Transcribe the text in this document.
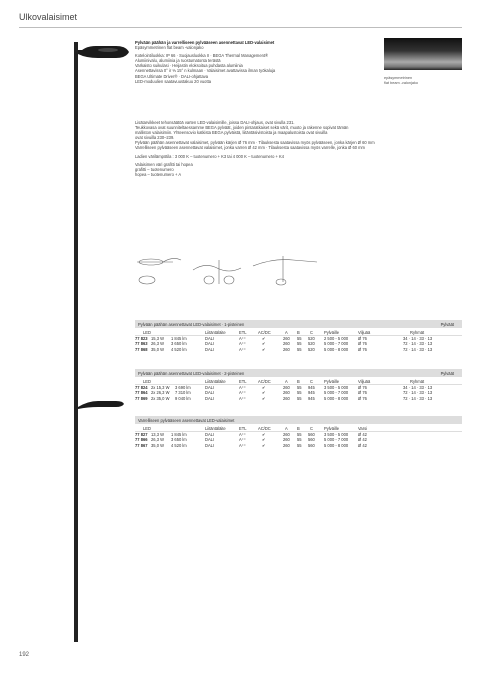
Ulkovalaisimet
Pylvään päähän ja varrelliseen pylvääseen asennettavat LED-valaisimet
Epäsymmetrinen flat beam -valonjako
Kotelointiluokka: IP 66 · Suojausluokka II · BEGA Thermal Management®
Alumiinivalu, alumiinia ja ruostumatonta terästä
Varkaisto suikulasi · Heijastin eloksoitua puhdasta alumiinia
Asennettavissa 0° ir ⅓ 15° n kulmaan · Valaisimet avattavissa ilman työkaluja
BEGA Ultimate Driver® · DALI-ohjattava
LED-moduulien saatavuustakuu 20 vuotta
epäsymmetrinen
flat beam -valonjako
Lisätarvikkeet tehonsäätöä varten LED-valaisimille, joissa DALI-ohjaus, ovat sivulla 231.
Teukkovasa ovat suunniteltaessamme BEGA pylväät, joiden pintaratkaiset sekä värit, muoto ja rakenne sopivat tämän
malliston valaisimiin. Yhteensovio katkista BEGA pylväistä, liitäntäsivistoista ja maapalustoista ovat sivuilla
ovat sivuilla 230–239.
Pylvään päähän asennettavat valaisimet, pylvään kärjen Ø 76 mm · Tilauksesta saatavissa myös pylvääseen, jonka kärjen Ø 60 mm
Varrelliseen pylvääseen asennettavat valaisimet, jonka varren Ø 42 mm · Tilauksesta saatavissa myös varrelle, jonka Ø 60 mm
Ladien värilämpötila : 3 000 K – tuotenumero + K3 tai 4 000 K – tuotenumero + K4
Valaisimen väri grafitti tai hopea
grafitti – tuotenumero
hopea – tuotenumero + A
Pylvään päähän asennettavat LED-valaisimet · 1-pisteinen	Pylväät
LED	Liitäntäläite	ETL	AC/DC	A B	C	Pylväille	Viljuää	Ryhmät
77 823 15,3 W 1 845 lm	DALI	A⁺⁺	✔	260 55 520 2 500 - 5 000 Ø 76	34 · 14 · 33 · 13
77 863 26,3 W 3 650 lm	DALI	A⁺⁺	✔	260 55 520 5 000 - 7 000 Ø 76	72 · 14 · 33 · 13
77 868 35,0 W 4 520 lm	DALI	A⁺⁺	✔	260 55 520 5 000 - 8 000 Ø 76	72 · 14 · 33 · 13
Pylvään päähän asennettavat LED-valaisimet · 2-pisteinen	Pylväät
LED	Liitäntäläite	ETL	AC/DC	A B	C	Pylväille	Viljuää	Ryhmät
77 824 2x 15,3 W 3 690 lm	DALI	A⁺⁺	✔	260 55 945 3 500 - 5 000 Ø 76	34 · 14 · 33 · 13
77 864 2x 26,3 W 7 310 lm	DALI	A⁺⁺	✔	260 55 945 5 000 - 7 000 Ø 76	72 · 14 · 33 · 13
77 869 2x 35,0 W 9 040 lm	DALI	A⁺⁺	✔	260 55 945 5 000 - 8 000 Ø 76	72 · 14 · 33 · 13
Varrelliseen pylvääseen asennettavat LED-valaisimet
LED	Liitäntäläite	ETL	AC/DC	A B	C	Pylväille	Varsi
77 827 13,3 W 1 845 lm	DALI	A⁺⁺	✔	260 55 560 3 500 - 5 000 Ø 42
77 866 26,3 W 3 650 lm	DALI	A⁺⁺	✔	260 55 560 5 000 - 7 000 Ø 42
77 867 35,0 W 4 520 lm	DALI	A⁺⁺	✔	260 55 560 5 000 - 8 000 Ø 42
192
